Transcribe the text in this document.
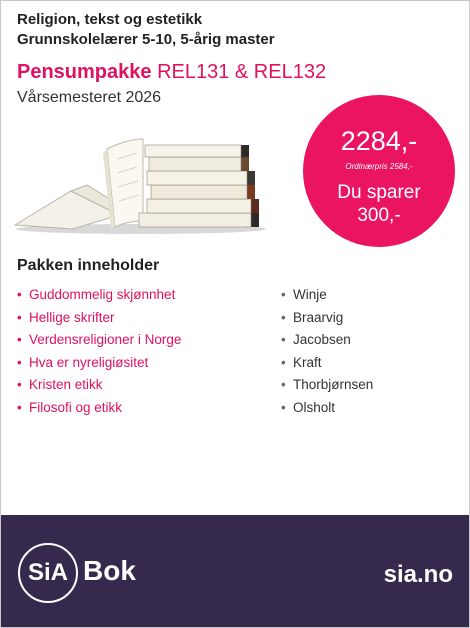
Religion, tekst og estetikk
Grunnskolelærer 5-10, 5-årig master
Pensumpakke REL131 & REL132
Vårsemesteret 2026
2284,-
Ordinærpris 2584,-
Du sparer
300,-
Pakken inneholder
• Guddommelig skjønnhet
• Hellige skrifter
• Verdensreligioner i Norge
• Hva er nyreligiøsitet
• Kristen etikk
• Filosofi og etikk
• Winje
• Braarvig
• Jacobsen
• Kraft
• Thorbjørnsen
• Olsholt
SiA Bok	sia.no
